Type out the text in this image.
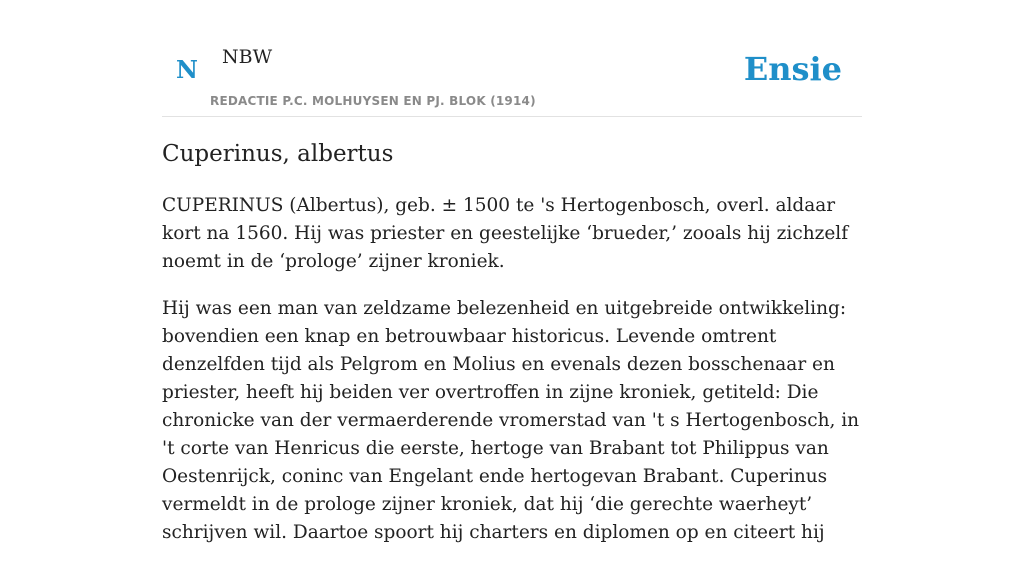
N NBW
REDACTIE P.C. MOLHUYSEN EN PJ. BLOK (1914)
Ensie
Cuperinus, albertus

CUPERINUS (Albertus), geb. ± 1500 te 's Hertogenbosch, overl. aldaar kort na 1560. Hij was priester en geestelijke ‘brueder,’ zooals hij zichzelf noemt in de ‘prologe’ zijner kroniek.

Hij was een man van zeldzame belezenheid en uitgebreide ontwikkeling: bovendien een knap en betrouwbaar historicus. Levende omtrent denzelfden tijd als Pelgrom en Molius en evenals dezen bosschenaar en priester, heeft hij beiden ver overtroffen in zijne kroniek, getiteld: Die chronicke van der vermaerderende vromerstad van 't s Hertogenbosch, in 't corte van Henricus die eerste, hertoge van Brabant tot Philippus van Oestenrijck, coninc van Engelant ende hertogevan Brabant. Cuperinus vermeldt in de prologe zijner kroniek, dat hij ‘die gerechte waerheyt’ schrijven wil. Daartoe spoort hij charters en diplomen op en citeert hij
